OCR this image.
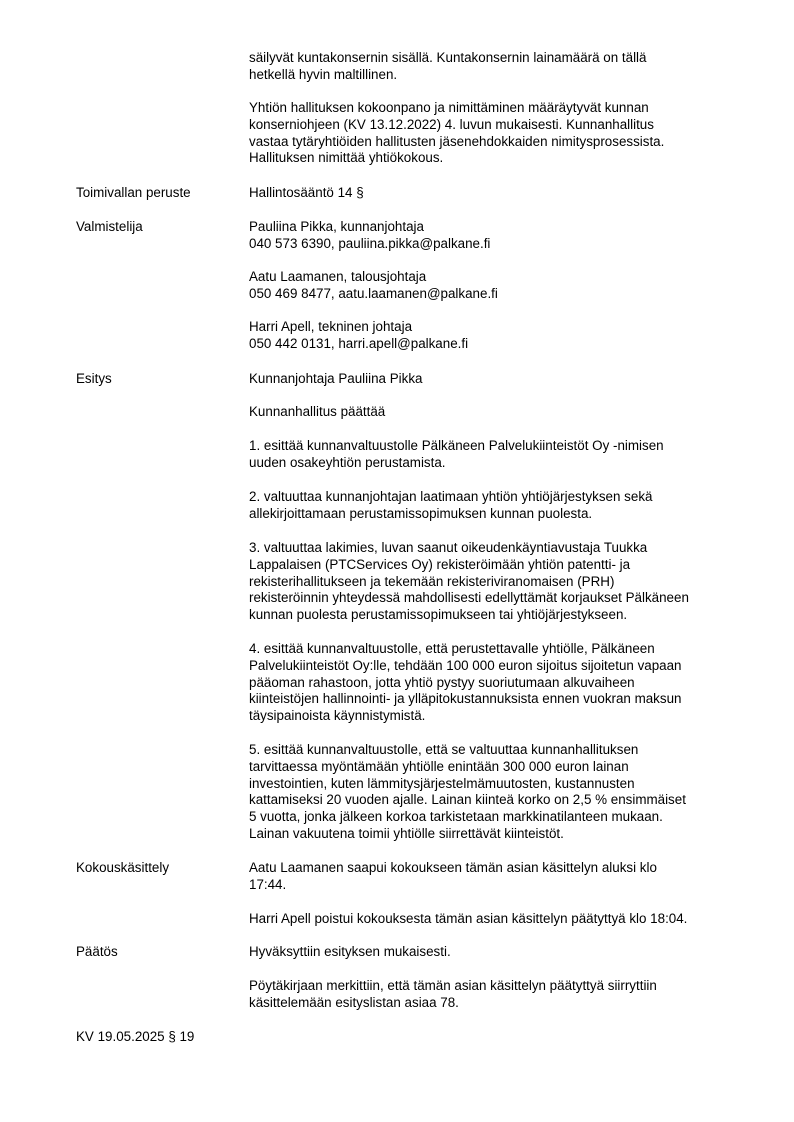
säilyvät kuntakonsernin sisällä. Kuntakonsernin lainamäärä on tällä
hetkellä hyvin maltillinen.

Yhtiön hallituksen kokoonpano ja nimittäminen määräytyvät kunnan
konserniohjeen (KV 13.12.2022) 4. luvun mukaisesti. Kunnanhallitus
vastaa tytäryhtiöiden hallitusten jäsenehdokkaiden nimitysprosessista.
Hallituksen nimittää yhtiökokous.

Toimivallan peruste	Hallintosääntö 14 §

Valmistelija	Pauliina Pikka, kunnanjohtaja
040 573 6390, pauliina.pikka@palkane.fi

Aatu Laamanen, talousjohtaja
050 469 8477, aatu.laamanen@palkane.fi

Harri Apell, tekninen johtaja
050 442 0131, harri.apell@palkane.fi

Esitys	Kunnanjohtaja Pauliina Pikka

Kunnanhallitus päättää

1. esittää kunnanvaltuustolle Pälkäneen Palvelukiinteistöt Oy -nimisen
uuden osakeyhtiön perustamista.

2. valtuuttaa kunnanjohtajan laatimaan yhtiön yhtiöjärjestyksen sekä
allekirjoittamaan perustamissopimuksen kunnan puolesta.

3. valtuuttaa lakimies, luvan saanut oikeudenkäyntiavustaja Tuukka
Lappalaisen (PTCServices Oy) rekisteröimään yhtiön patentti- ja
rekisterihallitukseen ja tekemään rekisteriviranomaisen (PRH)
rekisteröinnin yhteydessä mahdollisesti edellyttämät korjaukset Pälkäneen
kunnan puolesta perustamissopimukseen tai yhtiöjärjestykseen.

4. esittää kunnanvaltuustolle, että perustettavalle yhtiölle, Pälkäneen
Palvelukiinteistöt Oy:lle, tehdään 100 000 euron sijoitus sijoitetun vapaan
pääoman rahastoon, jotta yhtiö pystyy suoriutumaan alkuvaiheen
kiinteistöjen hallinnointi- ja ylläpitokustannuksista ennen vuokran maksun
täysipainoista käynnistymistä.

5. esittää kunnanvaltuustolle, että se valtuuttaa kunnanhallituksen
tarvittaessa myöntämään yhtiölle enintään 300 000 euron lainan
investointien, kuten lämmitysjärjestelmämuutosten, kustannusten
kattamiseksi 20 vuoden ajalle. Lainan kiinteä korko on 2,5 % ensimmäiset
5 vuotta, jonka jälkeen korkoa tarkistetaan markkinatilanteen mukaan.
Lainan vakuutena toimii yhtiölle siirrettävät kiinteistöt.

Kokouskäsittely	Aatu Laamanen saapui kokoukseen tämän asian käsittelyn aluksi klo
17:44.

Harri Apell poistui kokouksesta tämän asian käsittelyn päätyttyä klo 18:04.

Päätös	Hyväksyttiin esityksen mukaisesti.

Pöytäkirjaan merkittiin, että tämän asian käsittelyn päätyttyä siirryttiin
käsittelemään esityslistan asiaa 78.

KV 19.05.2025 § 19
